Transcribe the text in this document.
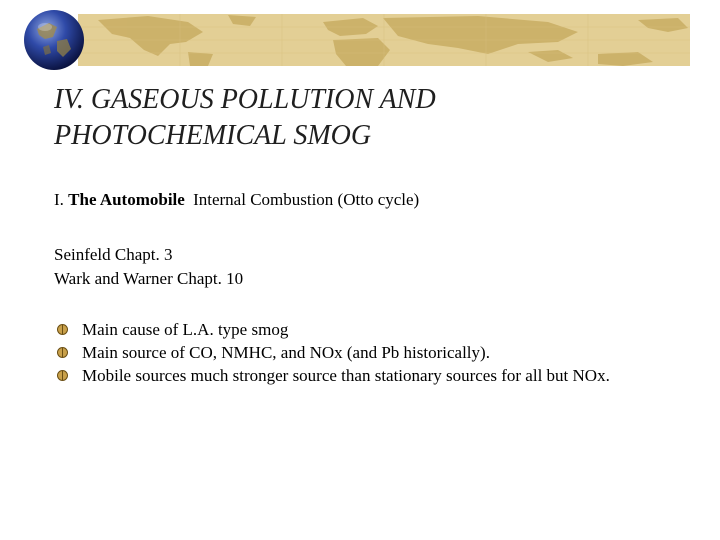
IV. GASEOUS POLLUTION AND
PHOTOCHEMICAL SMOG
I. The Automobile Internal Combustion (Otto cycle)
Seinfeld Chapt. 3
Wark and Warner Chapt. 10
Main cause of L.A. type smog
Main source of CO, NMHC, and NOx (and Pb historically).
Mobile sources much stronger source than stationary sources for all but NOx.
